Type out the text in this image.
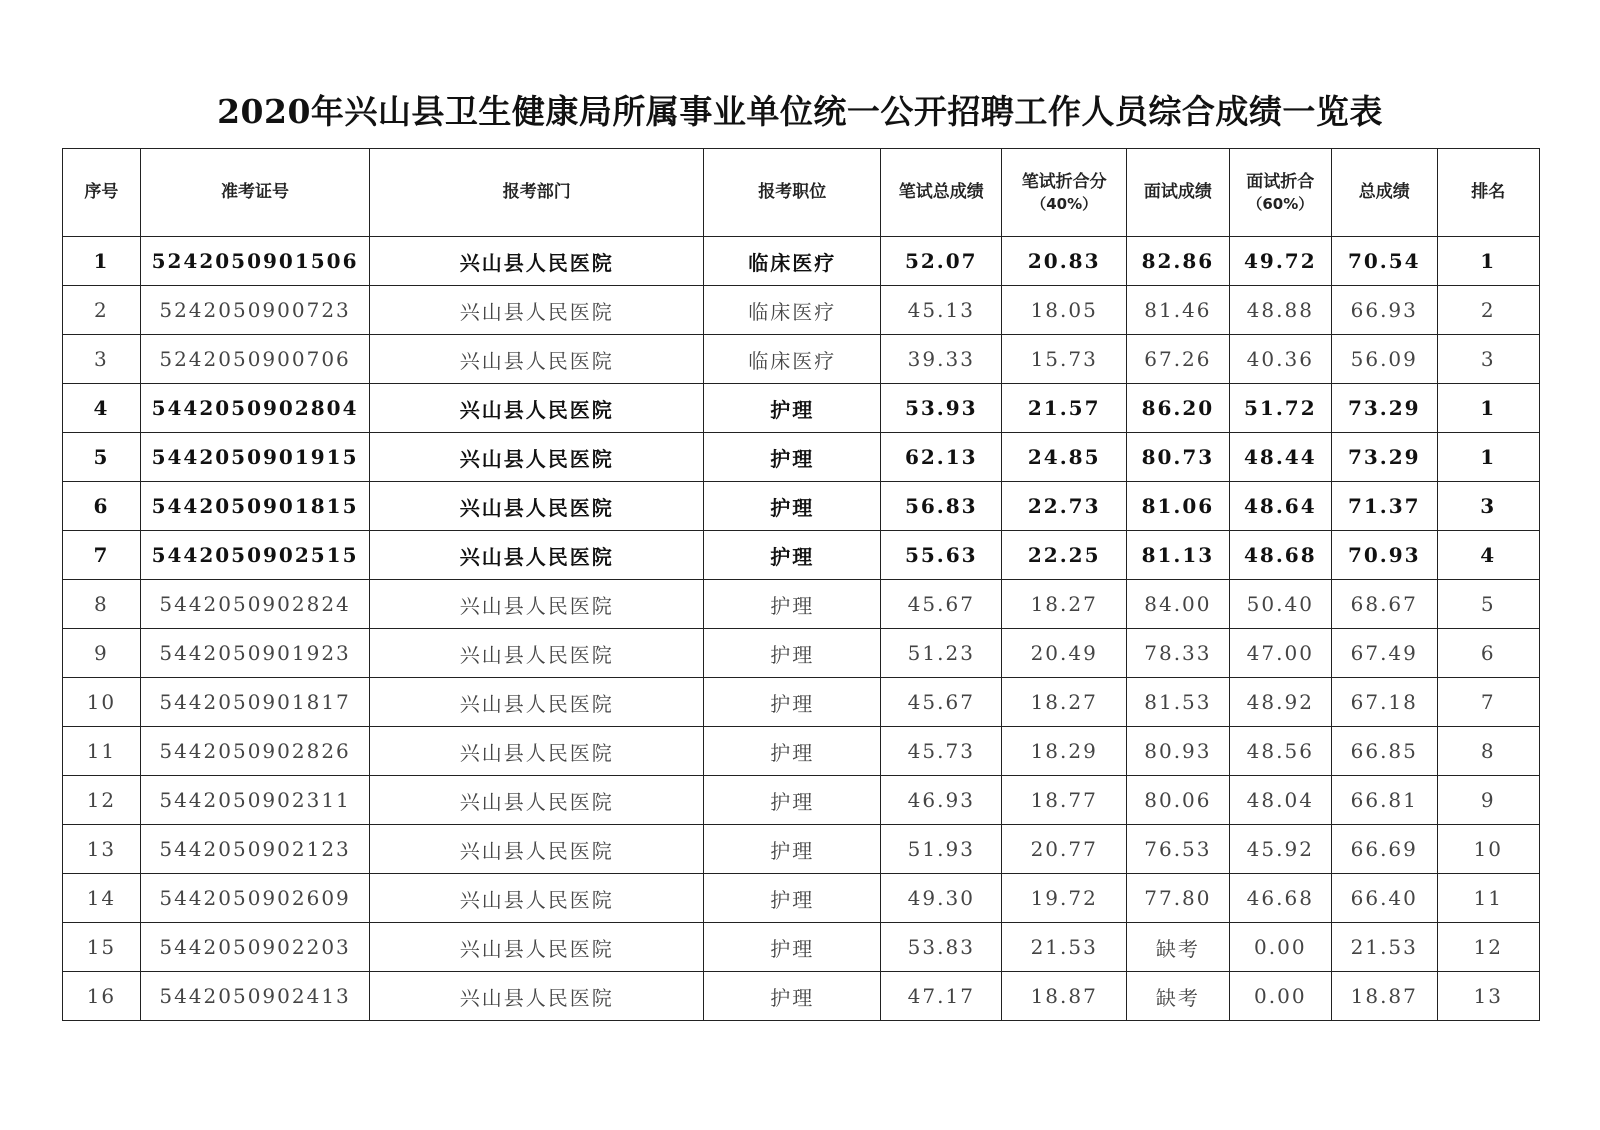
2020年兴山县卫生健康局所属事业单位统一公开招聘工作人员综合成绩一览表
序号	准考证号	报考部门	报考职位	笔试总成绩	笔试折合分
（40%）	面试成绩	面试折合
（60%）	总成绩	排名
1	5242050901506	兴山县人民医院	临床医疗	52.07	20.83	82.86	49.72	70.54	1
2	5242050900723	兴山县人民医院	临床医疗	45.13	18.05	81.46	48.88	66.93	2
3	5242050900706	兴山县人民医院	临床医疗	39.33	15.73	67.26	40.36	56.09	3
4	5442050902804	兴山县人民医院	护理	53.93	21.57	86.20	51.72	73.29	1
5	5442050901915	兴山县人民医院	护理	62.13	24.85	80.73	48.44	73.29	1
6	5442050901815	兴山县人民医院	护理	56.83	22.73	81.06	48.64	71.37	3
7	5442050902515	兴山县人民医院	护理	55.63	22.25	81.13	48.68	70.93	4
8	5442050902824	兴山县人民医院	护理	45.67	18.27	84.00	50.40	68.67	5
9	5442050901923	兴山县人民医院	护理	51.23	20.49	78.33	47.00	67.49	6
10	5442050901817	兴山县人民医院	护理	45.67	18.27	81.53	48.92	67.18	7
11	5442050902826	兴山县人民医院	护理	45.73	18.29	80.93	48.56	66.85	8
12	5442050902311	兴山县人民医院	护理	46.93	18.77	80.06	48.04	66.81	9
13	5442050902123	兴山县人民医院	护理	51.93	20.77	76.53	45.92	66.69	10
14	5442050902609	兴山县人民医院	护理	49.30	19.72	77.80	46.68	66.40	11
15	5442050902203	兴山县人民医院	护理	53.83	21.53	缺考	0.00	21.53	12
16	5442050902413	兴山县人民医院	护理	47.17	18.87	缺考	0.00	18.87	13
